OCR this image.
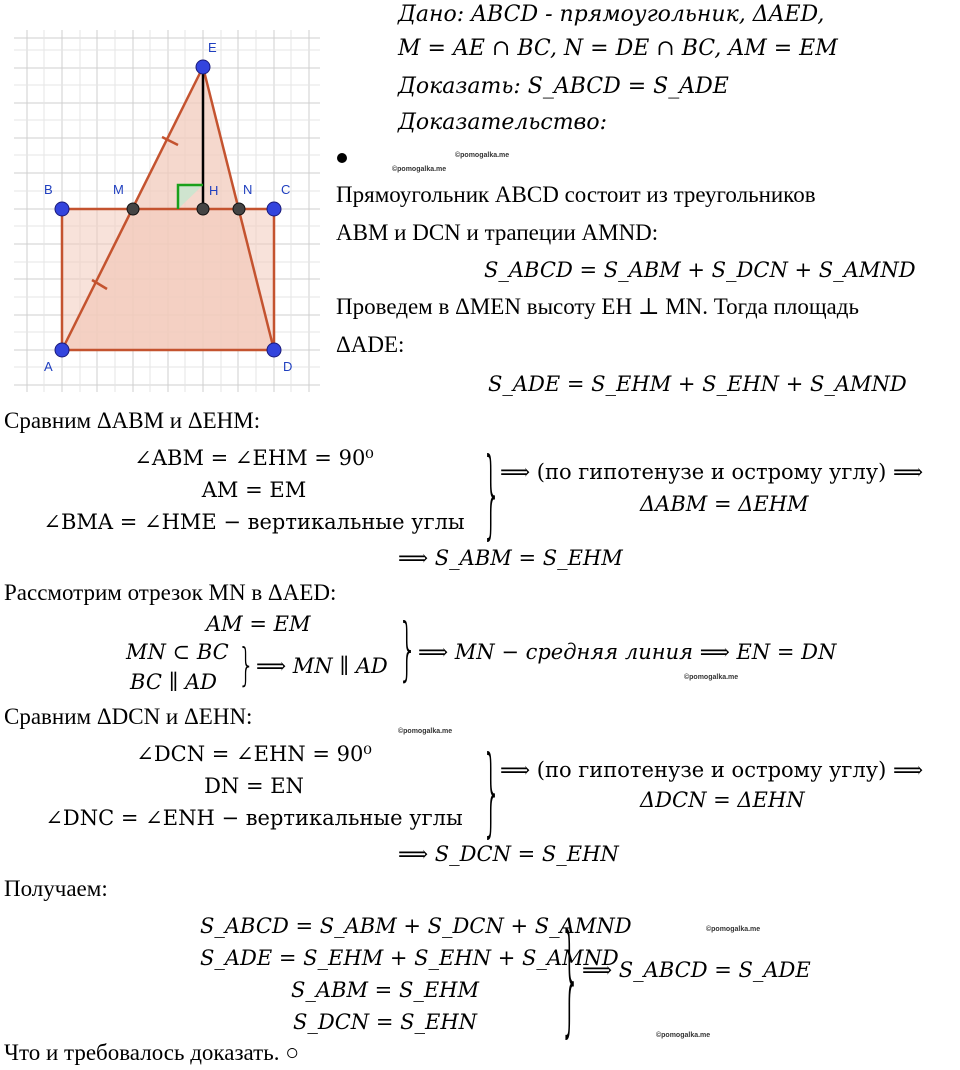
E
B	M	H N C
A	D
Дано: ABCD - прямоугольник, ΔAED,
M = AE ∩ BC, N = DE ∩ BC, AM = EM
Доказать: S_ABCD = S_ADE
Доказательство:
©pomogalka.me
©pomogalka.me
Прямоугольник ABCD состоит из треугольников
ABM и DCN и трапеции AMND:
S_ABCD = S_ABM + S_DCN + S_AMND
Проведем в ΔMEN высоту EH ⊥ MN. Тогда площадь
ΔADE:
S_ADE = S_EHM + S_EHN + S_AMND
Сравним ΔABM и ΔEHM:
∠ABM = ∠EHM = 90⁰
AM = EM
∠BMA = ∠HME − вертикальные углы }
⟹ (по гипотенузе и острому углу) ⟹
ΔABM = ΔEHM
⟹ S_ABM = S_EHM
Рассмотрим отрезок MN в ΔAED:
AM = EM
MN ⊂ BC
BC ∥ AD } ⟹ MN ∥ AD } ⟹ MN − средняя линия ⟹ EN = DN
©pomogalka.me
Сравним ΔDCN и ΔEHN:
©pomogalka.me
∠DCN = ∠EHN = 90⁰
DN = EN
∠DNC = ∠ENH − вертикальные углы }
⟹ (по гипотенузе и острому углу) ⟹
ΔDCN = ΔEHN
⟹ S_DCN = S_EHN
Получаем:
©pomogalka.me
S_ABCD = S_ABM + S_DCN + S_AMND
S_ADE = S_EHM + S_EHN + S_AMND
S_ABM = S_EHM
S_DCN = S_EHN	} ⟹ S_ABCD = S_ADE
©pomogalka.me
Что и требовалось доказать. ○
